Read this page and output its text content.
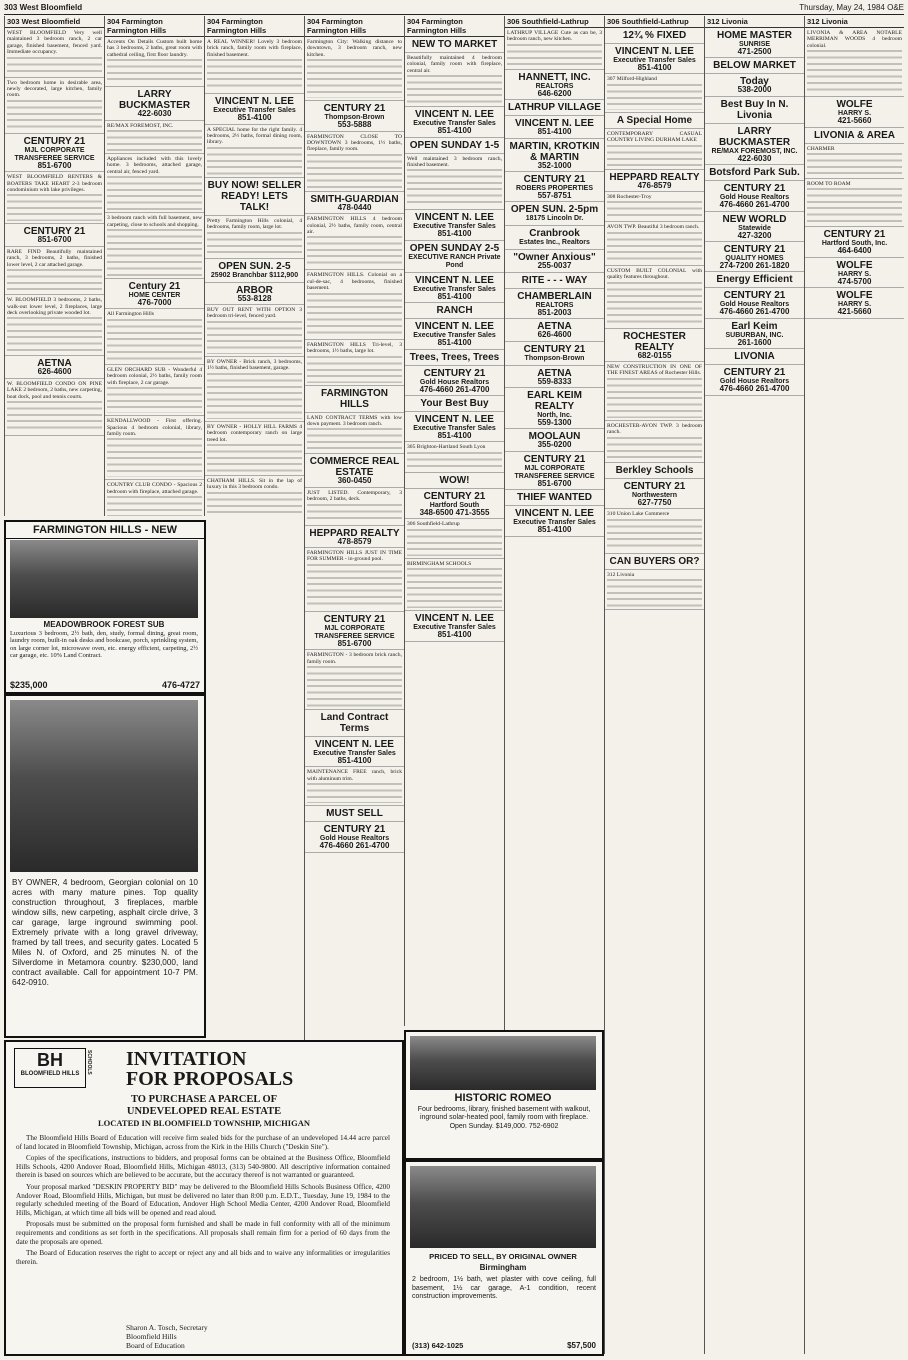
303 West Bloomfield	Thursday, May 24, 1984 O&E
303 West Bloomfield
WEST BLOOMFIELD Very well maintained 3 bedroom ranch, 2 car garage, finished basement, fenced yard. Immediate occupancy.
Two bedroom home in desirable area, newly decorated, large kitchen, family room.
CENTURY 21
MJL CORPORATE TRANSFEREE SERVICE
851-6700
WEST BLOOMFIELD RENTERS & BOATERS TAKE HEART 2-3 bedroom condominium with lake privileges.
CENTURY 21
851-6700
RARE FIND Beautifully maintained ranch, 3 bedrooms, 2 baths, finished lower level, 2 car attached garage.
W. BLOOMFIELD 3 bedrooms, 2 baths, walk-out lower level, 2 fireplaces, large deck overlooking private wooded lot.
AETNA
626-4600
W. BLOOMFIELD CONDO ON PINE LAKE 2 bedroom, 2 baths, new carpeting, boat dock, pool and tennis courts.
304 Farmington Farmington Hills
Accents On Details Custom built home has 3 bedrooms, 2 baths, great room with cathedral ceiling, first floor laundry.
LARRY BUCKMASTER
422-6030
RE/MAX FOREMOST, INC.
Appliances included with this lovely home. 3 bedrooms, attached garage, central air, fenced yard.
3 bedroom ranch with full basement, new carpeting, close to schools and shopping.
Century 21
HOME CENTER
476-7000
All Farmington Hills
GLEN ORCHARD SUB - Wonderful 4 bedroom colonial, 2½ baths, family room with fireplace, 2 car garage.
KENDALLWOOD - First offering. Spacious 4 bedroom colonial, library, family room.
COUNTRY CLUB CONDO - Spacious 2 bedroom with fireplace, attached garage.
304 Farmington Farmington Hills
A REAL WINNER! Lovely 3 bedroom brick ranch, family room with fireplace, finished basement.
VINCENT N. LEE
Executive Transfer Sales
851-4100
A SPECIAL home for the right family. 4 bedrooms, 2½ baths, formal dining room, library.
BUY NOW! SELLER READY! LETS TALK!
Pretty Farmington Hills colonial, 4 bedrooms, family room, large lot.
OPEN SUN. 2-5
25902 Branchbar $112,900
ARBOR
553-8128
BUY OUT RENT WITH OPTION 3 bedroom tri-level, fenced yard.
BY OWNER - Brick ranch, 3 bedrooms, 1½ baths, finished basement, garage.
BY OWNER - HOLLY HILL FARMS 4 bedroom contemporary ranch on large treed lot.
CHATHAM HILLS. Sit in the lap of luxury in this 3 bedroom condo.
304 Farmington Farmington Hills
Farmington City: Walking distance to downtown, 3 bedroom ranch, new kitchen.
CENTURY 21
Thompson-Brown
553-5888
FARMINGTON CLOSE TO DOWNTOWN 3 bedrooms, 1½ baths, fireplace, family room.
SMITH-GUARDIAN
478-0440
FARMINGTON HILLS 4 bedroom colonial, 2½ baths, family room, central air.
FARMINGTON HILLS. Colonial on a cul-de-sac, 4 bedrooms, finished basement.
FARMINGTON HILLS Tri-level, 3 bedrooms, 1½ baths, large lot.
FARMINGTON HILLS
LAND CONTRACT TERMS with low down payment. 3 bedroom ranch.
COMMERCE REAL ESTATE
360-0450
JUST LISTED. Contemporary, 3 bedroom, 2 baths, deck.
HEPPARD REALTY
478-8579
FARMINGTON HILLS JUST IN TIME FOR SUMMER - in-ground pool.
CENTURY 21
MJL CORPORATE TRANSFEREE SERVICE
851-6700
FARMINGTON - 3 bedroom brick ranch, family room.
Land Contract Terms
VINCENT N. LEE
Executive Transfer Sales
851-4100
MAINTENANCE FREE ranch, brick with aluminum trim.
MUST SELL
CENTURY 21
Gold House Realtors
476-4660 261-4700
304 Farmington Farmington Hills
NEW TO MARKET
Beautifully maintained 4 bedroom colonial, family room with fireplace, central air.
VINCENT N. LEE
Executive Transfer Sales
851-4100
OPEN SUNDAY 1-5
Well maintained 3 bedroom ranch, finished basement.
VINCENT N. LEE
Executive Transfer Sales
851-4100
OPEN SUNDAY 2-5
EXECUTIVE RANCH Private Pond
VINCENT N. LEE
Executive Transfer Sales
851-4100
RANCH
VINCENT N. LEE
Executive Transfer Sales
851-4100
Trees, Trees, Trees
CENTURY 21
Gold House Realtors
476-4660 261-4700
Your Best Buy
VINCENT N. LEE
Executive Transfer Sales
851-4100
305 Brighton-Hartland South Lyon
WOW!
CENTURY 21
Hartford South
348-6500 471-3555
306 Southfield-Lathrup
BIRMINGHAM SCHOOLS
VINCENT N. LEE
Executive Transfer Sales
851-4100
306 Southfield-Lathrup
LATHRUP VILLAGE Cute as can be, 3 bedroom ranch, new kitchen.
HANNETT, INC.
REALTORS
646-6200
LATHRUP VILLAGE
VINCENT N. LEE
851-4100
MARTIN, KROTKIN & MARTIN
352-1000
CENTURY 21
ROBERS PROPERTIES
557-8751
OPEN SUN. 2-5pm
18175 Lincoln Dr.
Cranbrook
Estates Inc., Realtors
"Owner Anxious"
255-0037
RITE - - - WAY
CHAMBERLAIN
REALTORS
851-2003
AETNA
626-4600
CENTURY 21
Thompson-Brown
AETNA
559-8333
EARL KEIM REALTY
North, Inc.
559-1300
MOOLAUN
355-0200
CENTURY 21
MJL CORPORATE TRANSFEREE SERVICE
851-6700
THIEF WANTED
VINCENT N. LEE
Executive Transfer Sales
851-4100
306 Southfield-Lathrup
12¾ % FIXED
VINCENT N. LEE
Executive Transfer Sales
851-4100
307 Milford-Highland
A Special Home
CONTEMPORARY CASUAL COUNTRY LIVING DURHAM LAKE
HEPPARD REALTY
476-8579
308 Rochester-Troy
AVON TWP. Beautiful 3 bedroom ranch.
CUSTOM BUILT COLONIAL with quality features throughout.
ROCHESTER REALTY
682-0155
NEW CONSTRUCTION IN ONE OF THE FINEST AREAS of Rochester Hills.
ROCHESTER-AVON TWP. 3 bedroom ranch.
Berkley Schools
CENTURY 21
Northwestern
627-7750
310 Union Lake Commerce
CAN BUYERS OR?
312 Livonia
312 Livonia
HOME MASTER
SUNRISE
471-2500
BELOW MARKET
Today
538-2000
Best Buy In N. Livonia
LARRY BUCKMASTER
RE/MAX FOREMOST, INC.
422-6030
Botsford Park Sub.
CENTURY 21
Gold House Realtors
476-4660 261-4700
NEW WORLD
Statewide
427-3200
CENTURY 21
QUALITY HOMES
274-7200 261-1820
Energy Efficient
CENTURY 21
Gold House Realtors
476-4660 261-4700
Earl Keim
SUBURBAN, INC.
261-1600
LIVONIA
CENTURY 21
Gold House Realtors
476-4660 261-4700
312 Livonia
LIVONIA & AREA NOTABLE MERRIMAN WOODS 4 bedroom colonial.
WOLFE
HARRY S.
421-5660
LIVONIA & AREA
CHARMER
ROOM TO ROAM
CENTURY 21
Hartford South, Inc.
464-6400
WOLFE
HARRY S.
474-5700
WOLFE
HARRY S.
421-5660
FARMINGTON HILLS - NEW
MEADOWBROOK FOREST SUB
Luxurious 3 bedroom, 2½ bath, den, study, formal dining, great room, laundry room, built-in oak desks and bookcase, porch, sprinkling system, on large corner lot, microwave oven, etc. energy efficient, carpeting, 2½ car garage, etc. 10% Land Contract.
$235,000	476-4727
BY OWNER, 4 bedroom, Georgian colonial on 10 acres with many mature pines. Top quality construction throughout, 3 fireplaces, marble window sills, new carpeting, asphalt circle drive, 3 car garage, large inground swimming pool. Extremely private with a long gravel driveway, framed by tall trees, and security gates. Located 5 Miles N. of Oxford, and 25 minutes N. of the Silverdome in Metamora country. $230,000, land contract available. Call for appointment 10-7 PM. 642-0910.
BH
BLOOMFIELD HILLS	SCHOOLS INVITATION
FOR PROPOSALS
TO PURCHASE A PARCEL OF
UNDEVELOPED REAL ESTATE
LOCATED IN BLOOMFIELD TOWNSHIP, MICHIGAN

The Bloomfield Hills Board of Education will receive firm sealed bids for the purchase of an undeveloped 14.44 acre parcel of land located in Bloomfield Township, Michigan, across from the Kirk in the Hills Church ("Deskin Site").

Copies of the specifications, instructions to bidders, and proposal forms can be obtained at the Business Office, Bloomfield Hills Schools, 4200 Andover Road, Bloomfield Hills, Michigan 48013, (313) 540-9800. All descriptive information contained therein is based on sources which are believed to be accurate, but the accuracy thereof is not warranted or guaranteed.

Your proposal marked "DESKIN PROPERTY BID" may be delivered to the Bloomfield Hills Schools Business Office, 4200 Andover Road, Bloomfield Hills, Michigan, but must be delivered no later than 8:00 p.m. E.D.T., Tuesday, June 19, 1984 to the regularly scheduled meeting of the Board of Education, Andover High School Media Center, 4200 Andover Road, Bloomfield Hills, Michigan, at which time all bids will be opened and read aloud.

Proposals must be submitted on the proposal form furnished and shall be made in full conformity with all of the minimum requirements and conditions as set forth in the specifications. All proposals shall remain firm for a period of 60 days from the date the proposals are opened.

The Board of Education reserves the right to accept or reject any and all bids and to waive any informalities or irregularities therein.

Sharon A. Tosch, Secretary
Bloomfield Hills
Board of Education
HISTORIC ROMEO
Four bedrooms, library, finished basement with walkout, inground solar-heated pool, family room with fireplace. Open Sunday. $149,000. 752-6902
PRICED TO SELL, BY ORIGINAL OWNER
Birmingham
2 bedroom, 1½ bath, wet plaster with cove ceiling, full basement, 1½ car garage, A-1 condition, recent construction improvements.
(313) 642-1025	$57,500
